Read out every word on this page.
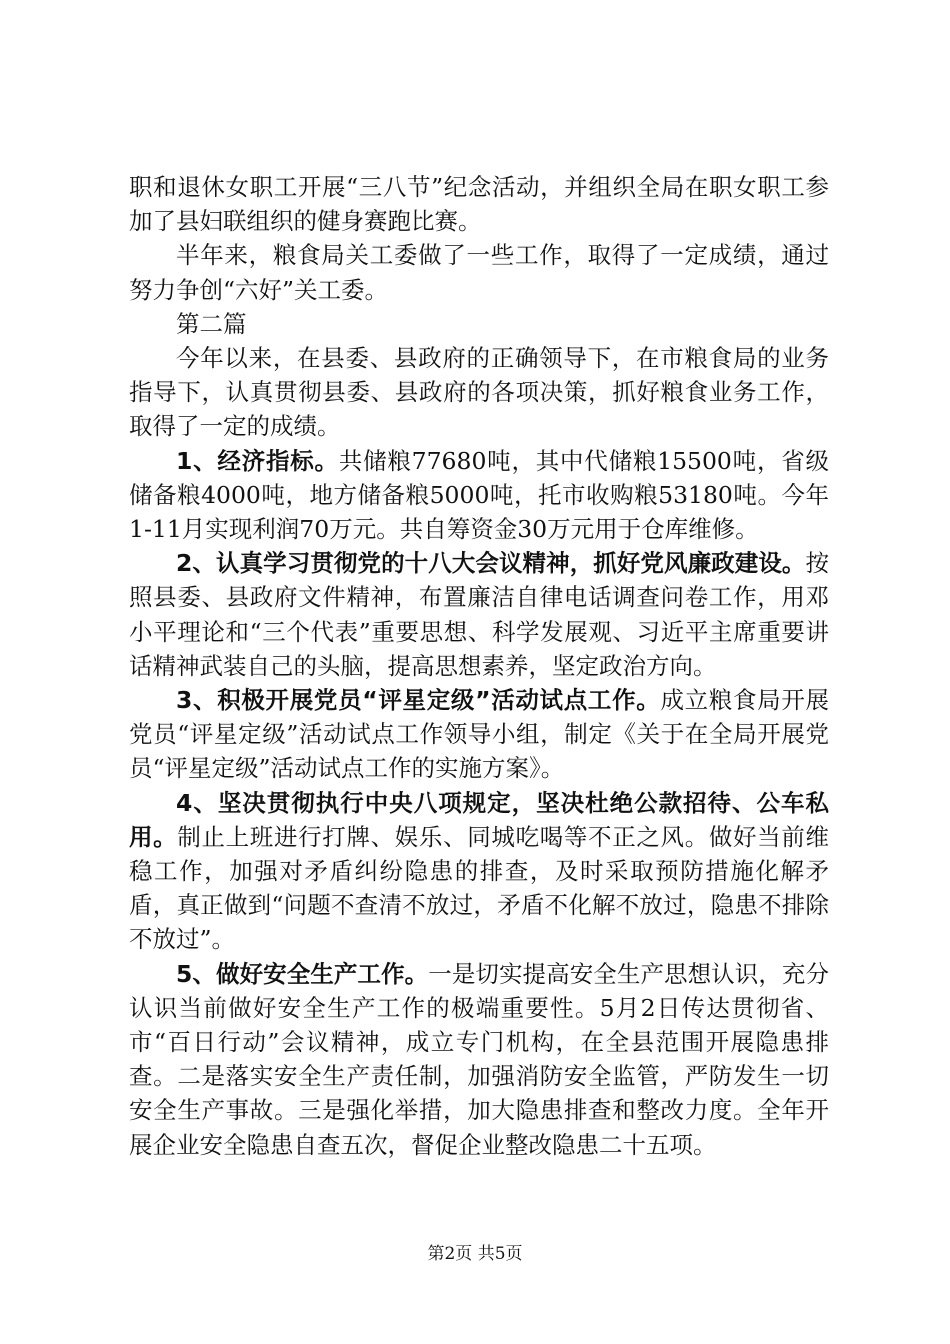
职和退休女职工开展“三八节”纪念活动，并组织全局在职女职工参加了县妇联组织的健身赛跑比赛。

半年来，粮食局关工委做了一些工作，取得了一定成绩，通过努力争创“六好”关工委。

第二篇

今年以来，在县委、县政府的正确领导下，在市粮食局的业务指导下，认真贯彻县委、县政府的各项决策，抓好粮食业务工作，取得了一定的成绩。

1、经济指标。共储粮77680吨，其中代储粮15500吨，省级储备粮4000吨，地方储备粮5000吨，托市收购粮53180吨。今年1-11月实现利润70万元。共自筹资金30万元用于仓库维修。

2、认真学习贯彻党的十八大会议精神，抓好党风廉政建设。按照县委、县政府文件精神，布置廉洁自律电话调查问卷工作，用邓小平理论和“三个代表”重要思想、科学发展观、习近平主席重要讲话精神武装自己的头脑，提高思想素养，坚定政治方向。

3、积极开展党员“评星定级”活动试点工作。成立粮食局开展党员“评星定级”活动试点工作领导小组，制定《关于在全局开展党员“评星定级”活动试点工作的实施方案》。

4、坚决贯彻执行中央八项规定，坚决杜绝公款招待、公车私用。制止上班进行打牌、娱乐、同城吃喝等不正之风。做好当前维稳工作，加强对矛盾纠纷隐患的排查，及时采取预防措施化解矛盾，真正做到“问题不查清不放过，矛盾不化解不放过，隐患不排除不放过”。

5、做好安全生产工作。一是切实提高安全生产思想认识，充分认识当前做好安全生产工作的极端重要性。5月2日传达贯彻省、市“百日行动”会议精神，成立专门机构，在全县范围开展隐患排查。二是落实安全生产责任制，加强消防安全监管，严防发生一切安全生产事故。三是强化举措，加大隐患排查和整改力度。全年开展企业安全隐患自查五次，督促企业整改隐患二十五项。

第2页 共5页
